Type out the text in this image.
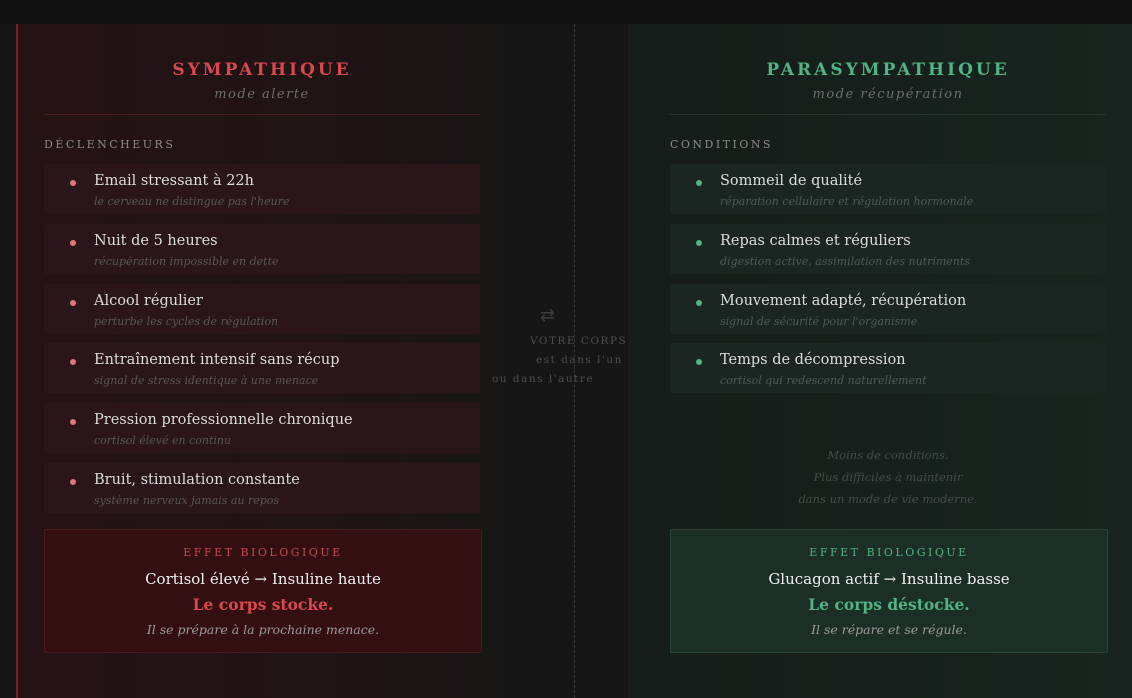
⇄
VOTRE CORPS
est dans l'un
ou dans l'autre
SYMPATHIQUE
mode alerte
DÉCLENCHEURS
Email stressant à 22h
le cerveau ne distingue pas l'heure
Nuit de 5 heures
récupération impossible en dette
Alcool régulier
perturbe les cycles de régulation
Entraînement intensif sans récup
signal de stress identique à une menace
Pression professionnelle chronique
cortisol élevé en continu
Bruit, stimulation constante
système nerveux jamais au repos
EFFET BIOLOGIQUE
Cortisol élevé → Insuline haute
Le corps stocke.
Il se prépare à la prochaine menace.
PARASYMPATHIQUE
mode récupération
CONDITIONS
Sommeil de qualité
réparation cellulaire et régulation hormonale
Repas calmes et réguliers
digestion active, assimilation des nutriments
Mouvement adapté, récupération
signal de sécurité pour l'organisme
Temps de décompression
cortisol qui redescend naturellement
EFFET BIOLOGIQUE
Glucagon actif → Insuline basse
Le corps déstocke.
Il se répare et se régule.
Moins de conditions.
Plus difficiles à maintenir
dans un mode de vie moderne.
